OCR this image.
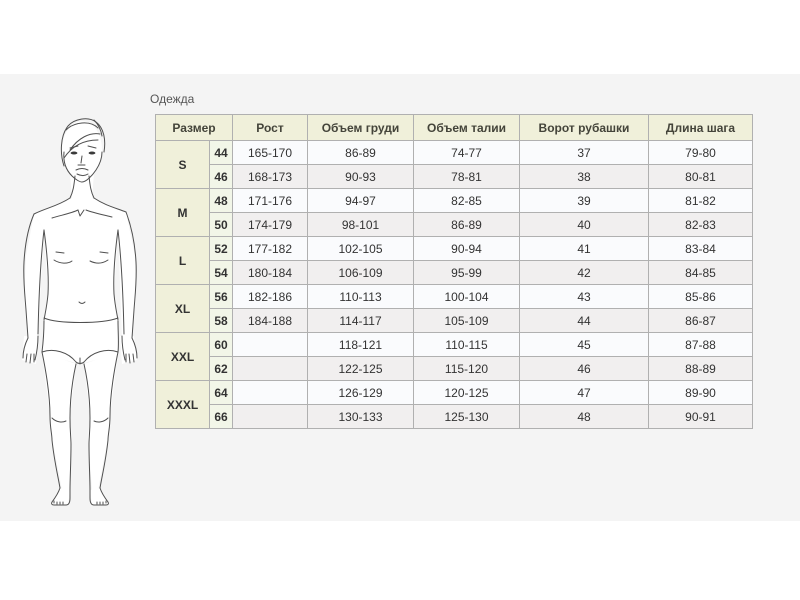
Одежда
Размер		Рост	Объем груди	Объем талии	Ворот рубашки	Длина шага
S	44	165-170	86-89	74-77	37	79-80
	46	168-173	90-93	78-81	38	80-81
M	48	171-176	94-97	82-85	39	81-82
	50	174-179	98-101	86-89	40	82-83
L	52	177-182	102-105	90-94	41	83-84
	54	180-184	106-109	95-99	42	84-85
XL	56	182-186	110-113	100-104	43	85-86
	58	184-188	114-117	105-109	44	86-87
XXL	60		118-121	110-115	45	87-88
	62		122-125	115-120	46	88-89
XXXL	64		126-129	120-125	47	89-90
	66		130-133	125-130	48	90-91
